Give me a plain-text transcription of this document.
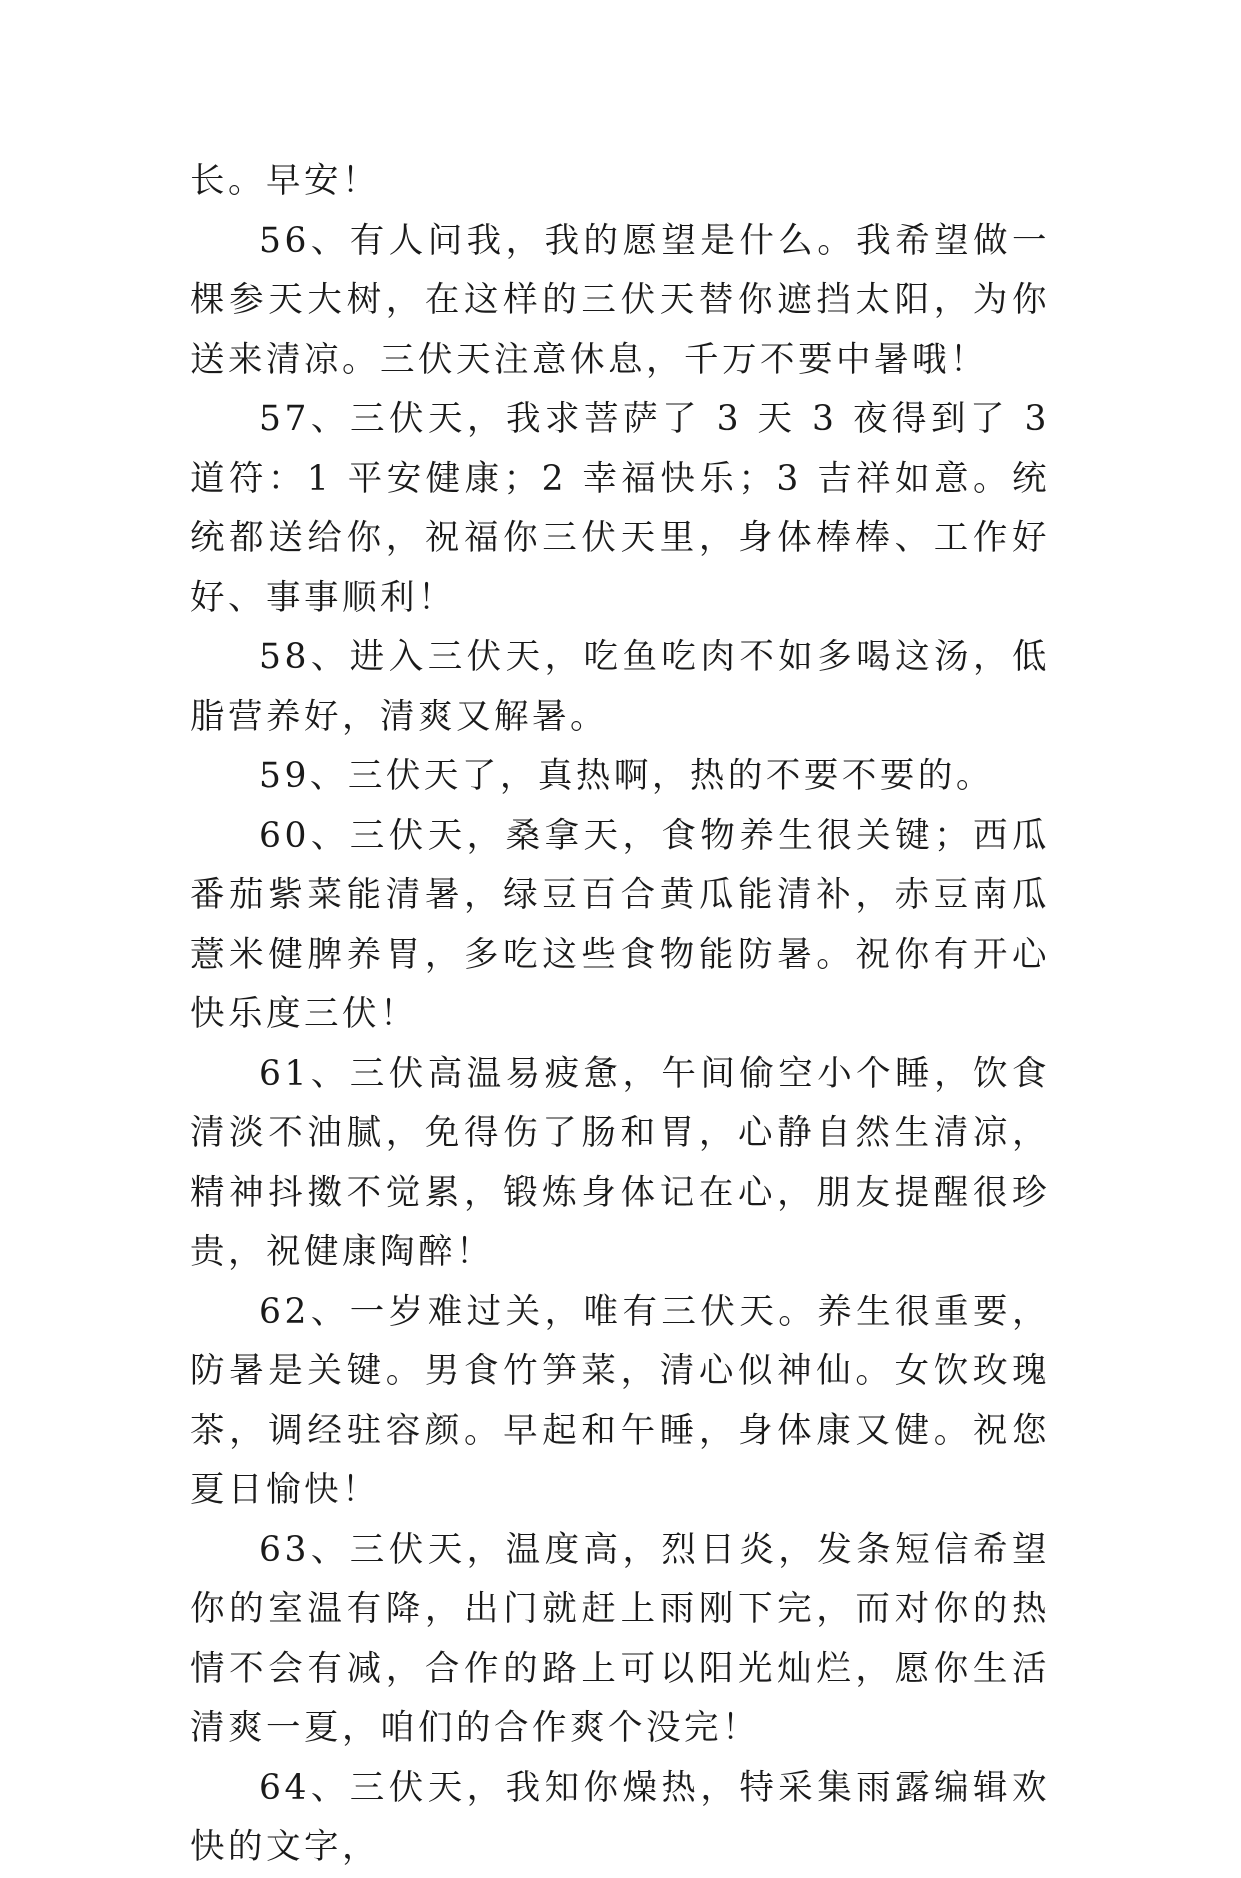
长。早安！

56、有人问我，我的愿望是什么。我希望做一棵参天大树，在这样的三伏天替你遮挡太阳，为你送来清凉。三伏天注意休息，千万不要中暑哦！

57、三伏天，我求菩萨了 3 天 3 夜得到了 3 道符：1 平安健康；2 幸福快乐；3 吉祥如意。统统都送给你，祝福你三伏天里，身体棒棒、工作好好、事事顺利！

58、进入三伏天，吃鱼吃肉不如多喝这汤，低脂营养好，清爽又解暑。

59、三伏天了，真热啊，热的不要不要的。

60、三伏天，桑拿天，食物养生很关键；西瓜番茄紫菜能清暑，绿豆百合黄瓜能清补，赤豆南瓜薏米健脾养胃，多吃这些食物能防暑。祝你有开心快乐度三伏！

61、三伏高温易疲惫，午间偷空小个睡，饮食清淡不油腻，免得伤了肠和胃，心静自然生清凉，精神抖擞不觉累，锻炼身体记在心，朋友提醒很珍贵，祝健康陶醉！

62、一岁难过关，唯有三伏天。养生很重要，防暑是关键。男食竹笋菜，清心似神仙。女饮玫瑰茶，调经驻容颜。早起和午睡，身体康又健。祝您夏日愉快！

63、三伏天，温度高，烈日炎，发条短信希望你的室温有降，出门就赶上雨刚下完，而对你的热情不会有减，合作的路上可以阳光灿烂，愿你生活清爽一夏，咱们的合作爽个没完！

64、三伏天，我知你燥热，特采集雨露编辑欢快的文字，
